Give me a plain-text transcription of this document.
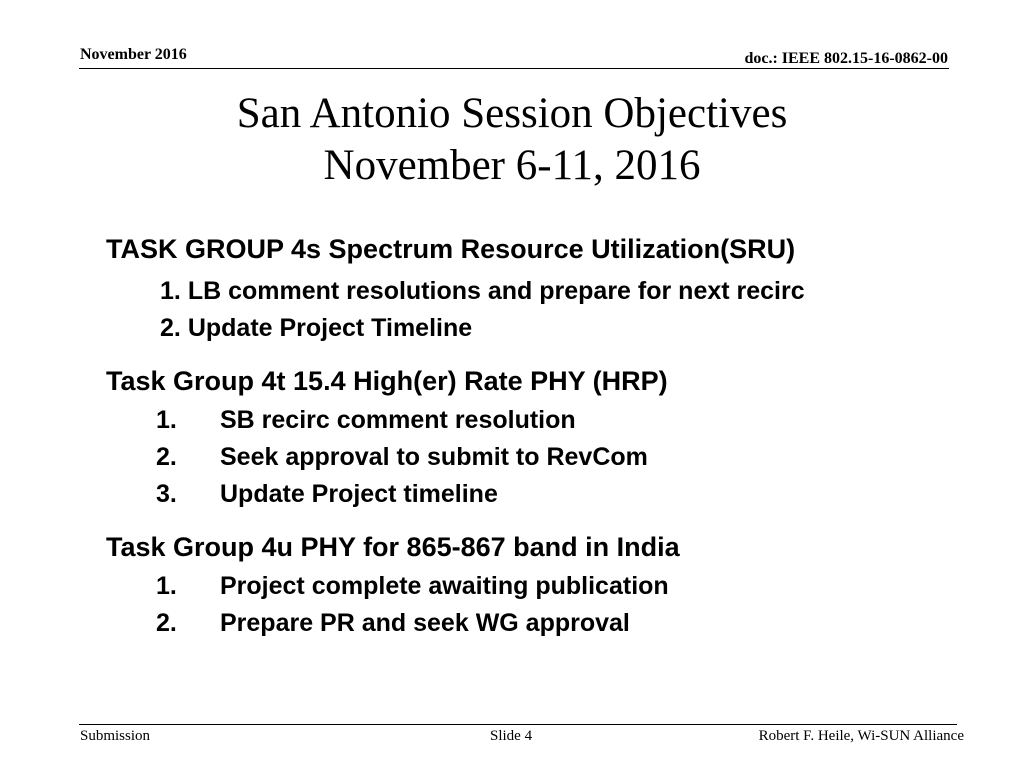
November 2016	doc.: IEEE 802.15-16-0862-00
San Antonio Session Objectives
November 6-11, 2016
TASK GROUP 4s Spectrum Resource Utilization(SRU)
1. LB comment resolutions and prepare for next recirc
2. Update Project Timeline
Task Group 4t 15.4 High(er) Rate PHY (HRP)
1. SB recirc comment resolution
2. Seek approval to submit to RevCom
3. Update Project timeline
Task Group 4u PHY for 865-867 band in India
1. Project complete awaiting publication
2. Prepare PR and seek WG approval
Submission	Slide 4	Robert F. Heile, Wi-SUN Alliance
